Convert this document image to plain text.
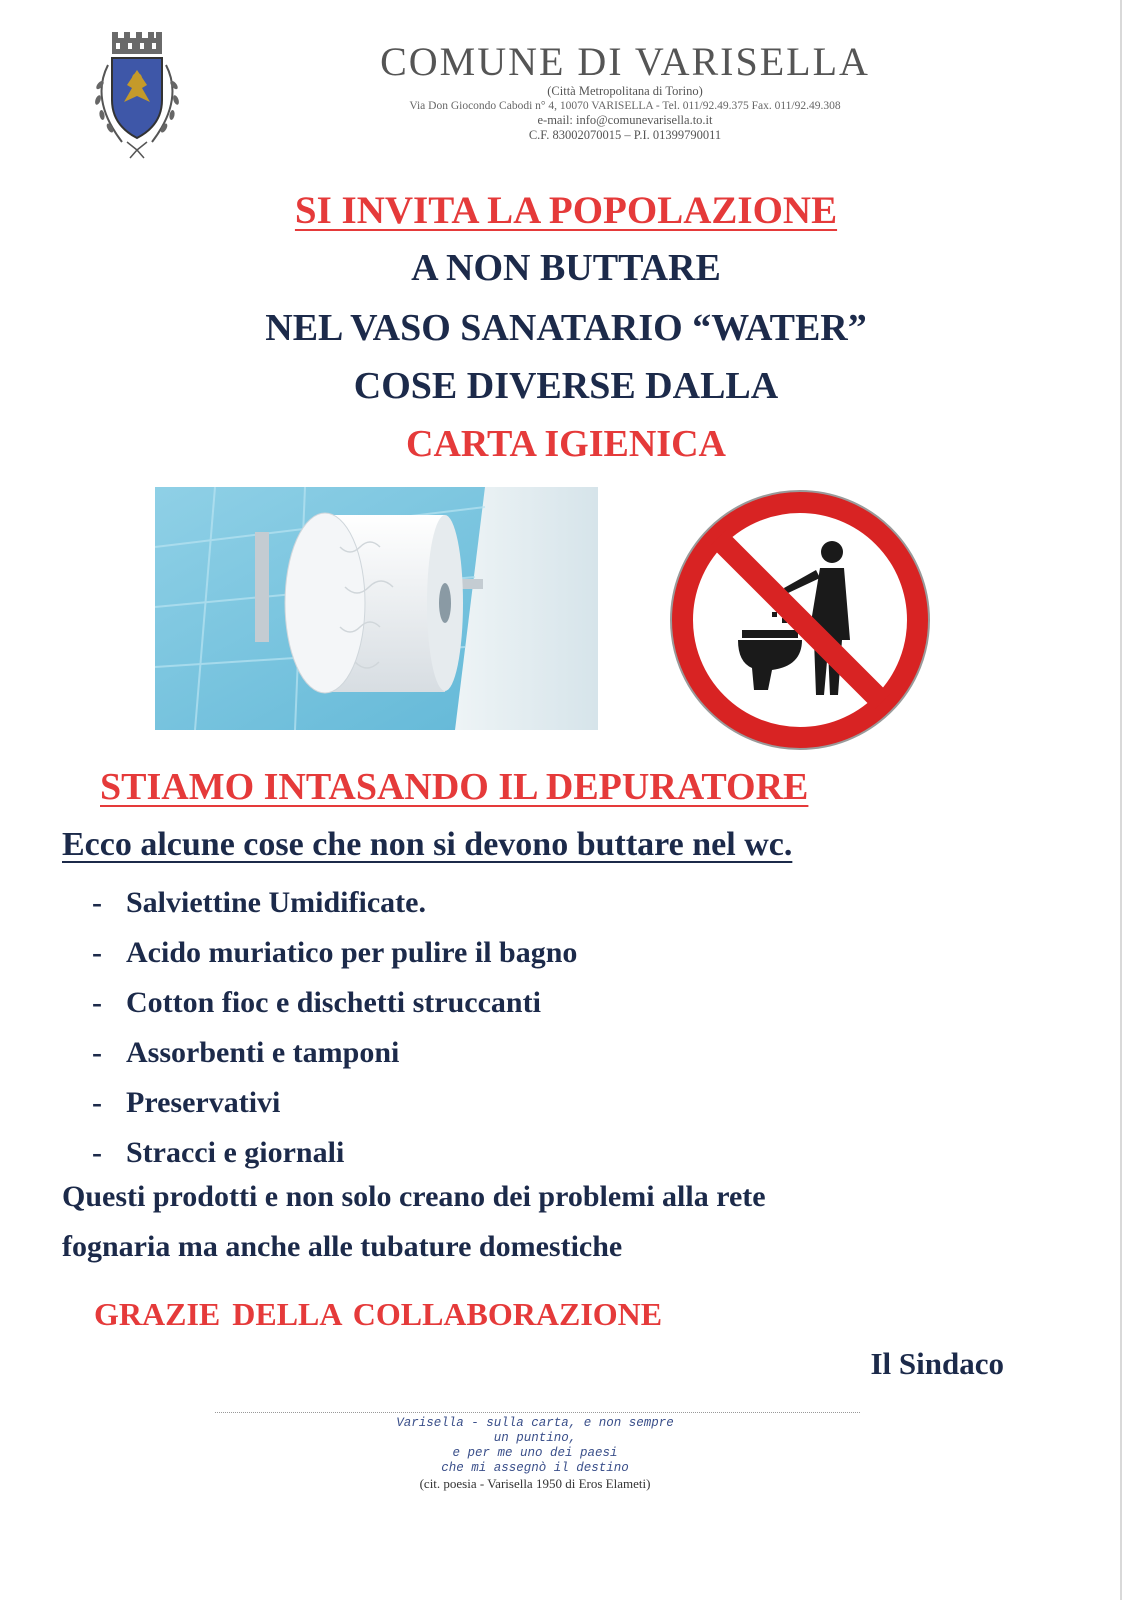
COMUNE DI VARISELLA
(Città Metropolitana di Torino)
Via Don Giocondo Cabodi n° 4, 10070 VARISELLA - Tel. 011/92.49.375 Fax. 011/92.49.308
e-mail: info@comunevarisella.to.it
C.F. 83002070015 – P.I. 01399790011
SI INVITA LA POPOLAZIONE
A NON BUTTARE
NEL VASO SANATARIO “WATER”
COSE DIVERSE DALLA
CARTA IGIENICA
STIAMO INTASANDO IL DEPURATORE
Ecco alcune cose che non si devono buttare nel wc.
- Salviettine Umidificate.
- Acido muriatico per pulire il bagno
- Cotton fioc e dischetti struccanti
- Assorbenti e tamponi
- Preservativi
- Stracci e giornali
Questi prodotti e non solo creano dei problemi alla rete
fognaria ma anche alle tubature domestiche
GRAZIE DELLA COLLABORAZIONE
Il Sindaco
Varisella - sulla carta, e non sempre
un puntino,
e per me uno dei paesi
che mi assegnò il destino
(cit. poesia - Varisella 1950 di Eros Elameti)
